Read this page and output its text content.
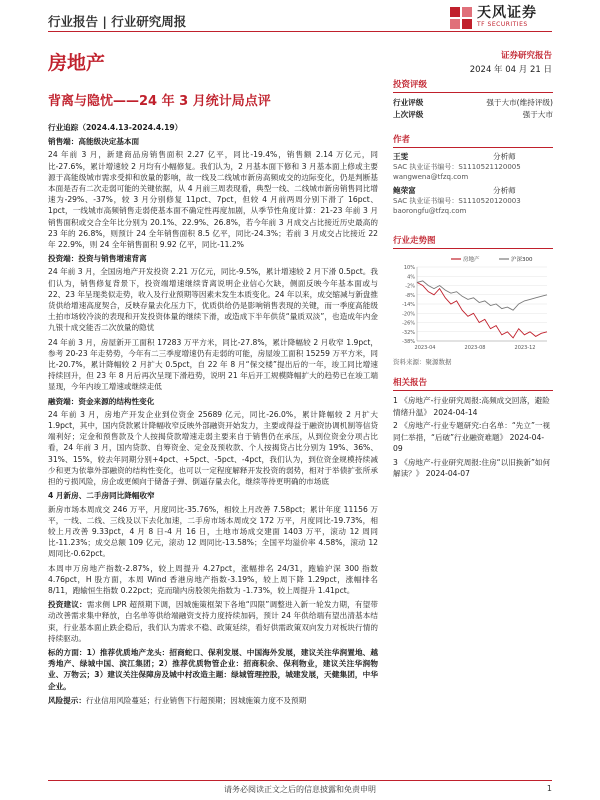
行业报告 | 行业研究周报
天风证券
TF SECURITIES
房地产	证券研究报告
2024 年 04 月 21 日
背离与隐忧——24 年 3 月统计局点评
行业追踪（2024.4.13-2024.4.19）
销售端：高能级决定基本面

24 年前 3 月，新建商品房销售面积 2.27 亿平，同比-19.4%，销售额 2.14 万亿元，同比-27.6%，累计增速较 2 月均有小幅修复。我们认为，2 月基本面下修和 3 月基本面上修或主要源于高能级城市需求受抑和放量的影响，故一线及二线城市新房高频成交的边际变化，仍是判断基本面是否有二次走弱可能的关键依据，从 4 月前三周表现看，典型一线、二线城市新房销售同比增速为-29%、-37%，较 3 月分别修复 11pct、7pct，但较 4 月前两周分别下滑了 16pct、1pct，一线城市高频销售走弱使基本面不确定性再度加剧，从季节性角度计算：21-23 年前 3 月销售面积或交合全年比分别为 20.1%、22.9%、26.8%，若今年前 3 月成交占比接近历史最高的 23 年的 26.8%，则预计 24 全年销售面积 8.5 亿平，同比-24.3%；若前 3 月成交占比接近 22 年 22.9%，则 24 全年销售面积 9.92 亿平，同比-11.2%

投资端：投资与销售增速背离

24 年前 3 月，全国房地产开发投资 2.21 万亿元，同比-9.5%，累计增速较 2 月下滑 0.5pct。我们认为，销售修复背景下，投资端增速继续背离说明企业信心欠缺，侧面反映今年基本面或与 22、23 年呈现类似走势，收入及行业预期等因素未发生本质变化。24 年以来，成交缩减与新盘推货供给增速高度契合，反映存量去化压力下，优质供给仍是影响销售表现的关键，而一季度高能级土拍市场较冷淡的表现和开发投资体量的继续下滑，或造成下半年供货“量质双淡”，也造成年内金九银十成交能否二次放量的隐忧

24 年前 3 月，房屋新开工面积 17283 万平方米，同比-27.8%，累计降幅较 2 月收窄 1.9pct，参考 20-23 年走势势，今年有二三季度增速仍有走弱的可能，房屋竣工面积 15259 万平方米，同比-20.7%，累计降幅较 2 月扩大 0.5pct，自 22 年 8 月“保交楼”提出后的一年，竣工同比增速持续回升，但 23 年 8 月后再次呈现下滑趋势，说明 21 年后开工规模降幅扩大的趋势已在竣工端显现，今年内竣工增速或继续走低

融资端：资金来源的结构性变化

24 年前 3 月，房地产开发企业到位资金 25689 亿元，同比-26.0%，累计降幅较 2 月扩大 1.9pct，其中，国内贷款累计降幅收窄反映外部融资开始发力，主要或得益于融资协调机制等信贷端利好；定金和预售款及个人按揭贷款增速走弱主要来自于销售仍在承压，从到位资金分项占比看，24 年前 3 月，国内贷款、自筹资金、定金及预收款、个人按揭贷占比分别为 19%、36%、31%、15%，较去年同期分别+4pct、+5pct、-5pct、-4pct，我们认为，到位资金规模持续减少和更为依靠外部融资的结构性变化，也可以一定程度解释开发投资的弱势，相对于举债扩张所承担的亏损风险，房企或更倾向于储备子弹、倒逼存量去化，继续等待更明确的市场底

4 月新房、二手房同比降幅收窄

新房市场本周成交 246 万平，月度同比-35.76%，相较上月改善 7.58pct；累计年度 11156 万平，一线、二线、三线及以下去化加速，二手房市场本周成交 172 万平，月度同比-19.73%，相较上月改善 9.33pct，4 月 8 日-4 月 16 日，土地市场成交建面 1403 万平，滚动 12 周同比-11.23%；成交总额 109 亿元，滚动 12 周同比-13.58%；全国平均溢价率 4.58%，滚动 12 周同比-0.62pct。

本周申万房地产指数-2.87%，较上周提升 4.27pct，涨幅排名 24/31，跑输沪深 300 指数 4.76pct，H 股方面，本周 Wind 香港房地产指数-3.19%，较上周下降 1.29pct，涨幅排名 8/11，跑输恒生指数 0.22pct；克而瑞内房股领先指数为 -1.73%，较上周提升 1.41pct。

投资建议：需求侧 LPR 超预期下调，因城施策框架下各地“四限”调整进入新一轮发力期，有望带动改善需求集中释放，白名单等供给端融资支持力度持续加码，预计 24 年供给端有望出清基本结束，行业基本面止跌企稳后，我们认为需求不稳、政策延续，看好供需政策双向发力对板块行情的持续驱动。

标的方面：1）推荐优质地产龙头：招商蛇口、保利发展、中国海外发展，建议关注华润置地、越秀地产、绿城中国、滨江集团；2）推荐优质物管企业：招商积余、保利物业，建议关注华润物业、万物云；3）建议关注保障房及城中村改造主题：绿城管理控股，城建发展，天健集团，中华企业。

风险提示：行业信用风险蔓延；行业销售下行超预期；因城施策力度不及预期

投资评级
行业评级	强于大市(维持评级)
上次评级	强于大市
作者
王雯	分析师
SAC 执业证书编号：S1110521120005
wangwena@tfzq.com
鲍荣富	分析师
SAC 执业证书编号：S1110520120003
baorongfu@tfzq.com
行业走势图
10%
4%
-2%
-8%
-14%
-20%
-26%
-32%
-38%
2023-04	2023-08	2023-12
房地产	沪深300
资料来源：聚源数据
相关报告
1 《房地产-行业研究周报:高频成交回落，避险情绪升温》 2024-04-14
2 《房地产-行业专题研究:白名单：“先立”一视同仁举措，“后破”行业融资难题》 2024-04-09
3 《房地产-行业研究周报:住房“以旧换新”如何解读？》 2024-04-07
请务必阅读正文之后的信息披露和免责申明	1
